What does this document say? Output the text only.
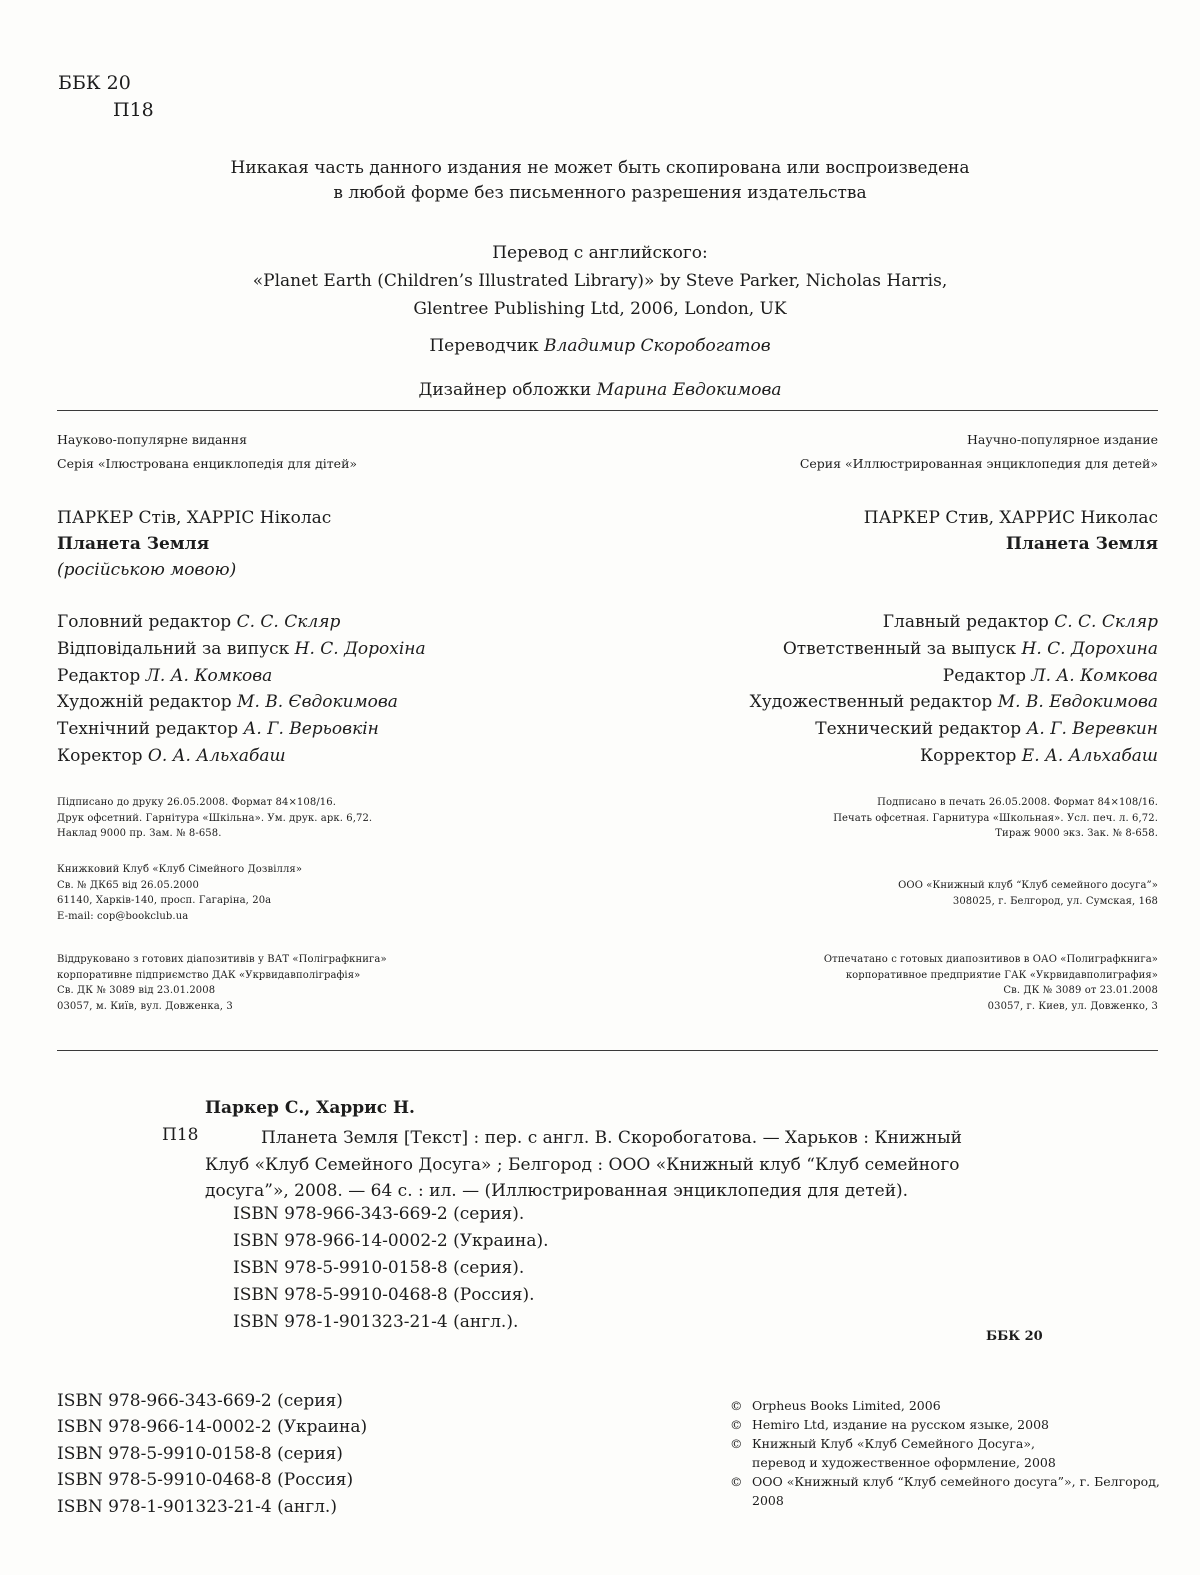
ББК 20
П18
Никакая часть данного издания не может быть скопирована или воспроизведена
в любой форме без письменного разрешения издательства
Перевод с английского:
«Planet Earth (Children’s Illustrated Library)» by Steve Parker, Nicholas Harris,
Glentree Publishing Ltd, 2006, London, UK
Переводчик Владимир Скоробогатов
Дизайнер обложки Марина Евдокимова
Науково-популярне видання
Серія «Ілюстрована енциклопедія для дітей»
ПАРКЕР Стів, ХАРРІС Ніколас
Планета Земля
(російською мовою)
Головний редактор С. С. Скляр
Відповідальний за випуск Н. С. Дорохіна
Редактор Л. А. Комкова
Художній редактор М. В. Євдокимова
Технічний редактор А. Г. Верьовкін
Коректор О. А. Альхабаш
Підписано до друку 26.05.2008. Формат 84×108/16.
Друк офсетний. Гарнітура «Шкільна». Ум. друк. арк. 6,72.
Наклад 9000 пр. Зам. № 8-658.
Книжковий Клуб «Клуб Сімейного Дозвілля»
Св. № ДК65 від 26.05.2000
61140, Харків-140, просп. Гагаріна, 20а
E-mail: cop@bookclub.ua
Віддруковано з готових діапозитивів у ВАТ «Поліграфкнига»
корпоративне підприємство ДАК «Укрвидавполіграфія»
Св. ДК № 3089 від 23.01.2008
03057, м. Київ, вул. Довженка, 3
Научно-популярное издание
Серия «Иллюстрированная энциклопедия для детей»
ПАРКЕР Стив, ХАРРИС Николас
Планета Земля
Главный редактор С. С. Скляр
Ответственный за выпуск Н. С. Дорохина
Редактор Л. А. Комкова
Художественный редактор М. В. Евдокимова
Технический редактор А. Г. Веревкин
Корректор Е. А. Альхабаш
Подписано в печать 26.05.2008. Формат 84×108/16.
Печать офсетная. Гарнитура «Школьная». Усл. печ. л. 6,72.
Тираж 9000 экз. Зак. № 8-658.
ООО «Книжный клуб “Клуб семейного досуга”»
308025, г. Белгород, ул. Сумская, 168
Отпечатано с готовых диапозитивов в ОАО «Полиграфкнига»
корпоративное предприятие ГАК «Укрвидавполиграфия»
Св. ДК № 3089 от 23.01.2008
03057, г. Киев, ул. Довженко, 3
Паркер С., Харрис Н.
П18	Планета Земля [Текст] : пер. с англ. В. Скоробогатова. — Харьков : Книжный
Клуб «Клуб Семейного Досуга» ; Белгород : ООО «Книжный клуб “Клуб семейного
досуга”», 2008. — 64 с. : ил. — (Иллюстрированная энциклопедия для детей).
ISBN 978-966-343-669-2 (серия).
ISBN 978-966-14-0002-2 (Украина).
ISBN 978-5-9910-0158-8 (серия).
ISBN 978-5-9910-0468-8 (Россия).
ISBN 978-1-901323-21-4 (англ.).
ББК 20
ISBN 978-966-343-669-2 (серия)
ISBN 978-966-14-0002-2 (Украина)
ISBN 978-5-9910-0158-8 (серия)
ISBN 978-5-9910-0468-8 (Россия)
ISBN 978-1-901323-21-4 (англ.)
© Orpheus Books Limited, 2006
© Hemiro Ltd, издание на русском языке, 2008
© Книжный Клуб «Клуб Семейного Досуга»,
перевод и художественное оформление, 2008
© ООО «Книжный клуб “Клуб семейного досуга”», г. Белгород, 2008
